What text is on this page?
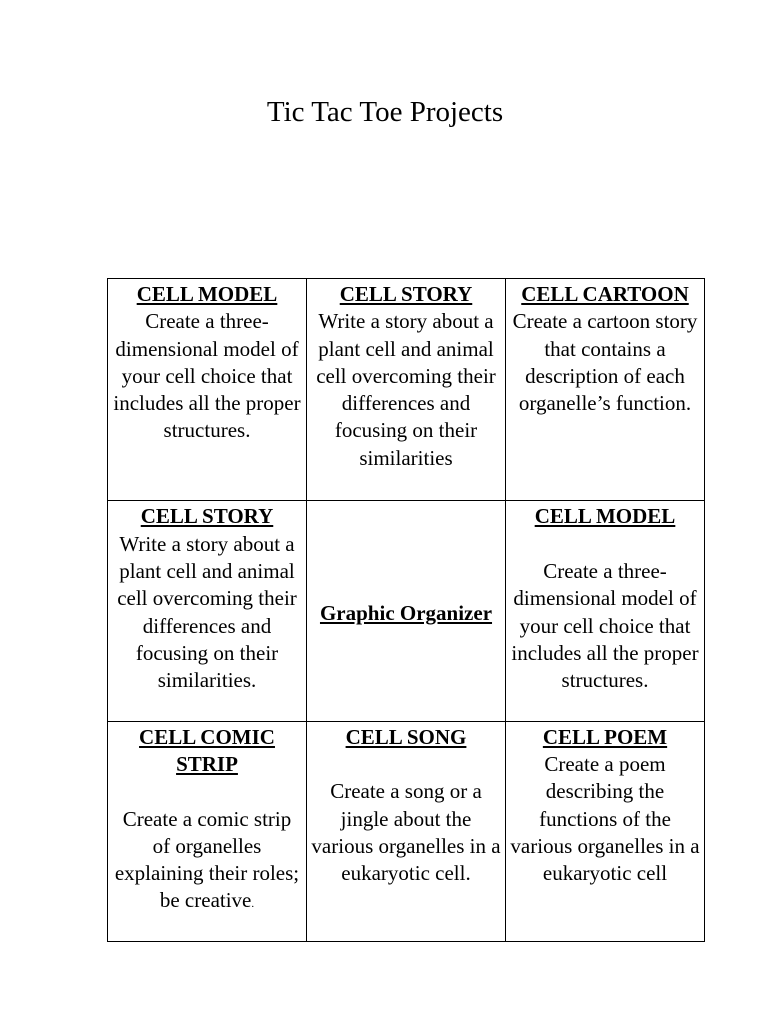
Tic Tac Toe Projects
CELL MODEL
Create a three-dimensional model of your cell choice that includes all the proper structures.	CELL STORY
Write a story about a plant cell and animal cell overcoming their differences and focusing on their similarities	CELL CARTOON
Create a cartoon story that contains a description of each organelle’s function.

CELL STORY
Write a story about a plant cell and animal cell overcoming their differences and focusing on their similarities.	Graphic Organizer	CELL MODEL
Create a three-dimensional model of your cell choice that includes all the proper structures.

CELL COMIC STRIP
Create a comic strip of organelles explaining their roles; be creative.	CELL SONG
Create a song or a jingle about the various organelles in a eukaryotic cell.	CELL POEM
Create a poem describing the functions of the various organelles in a eukaryotic cell
